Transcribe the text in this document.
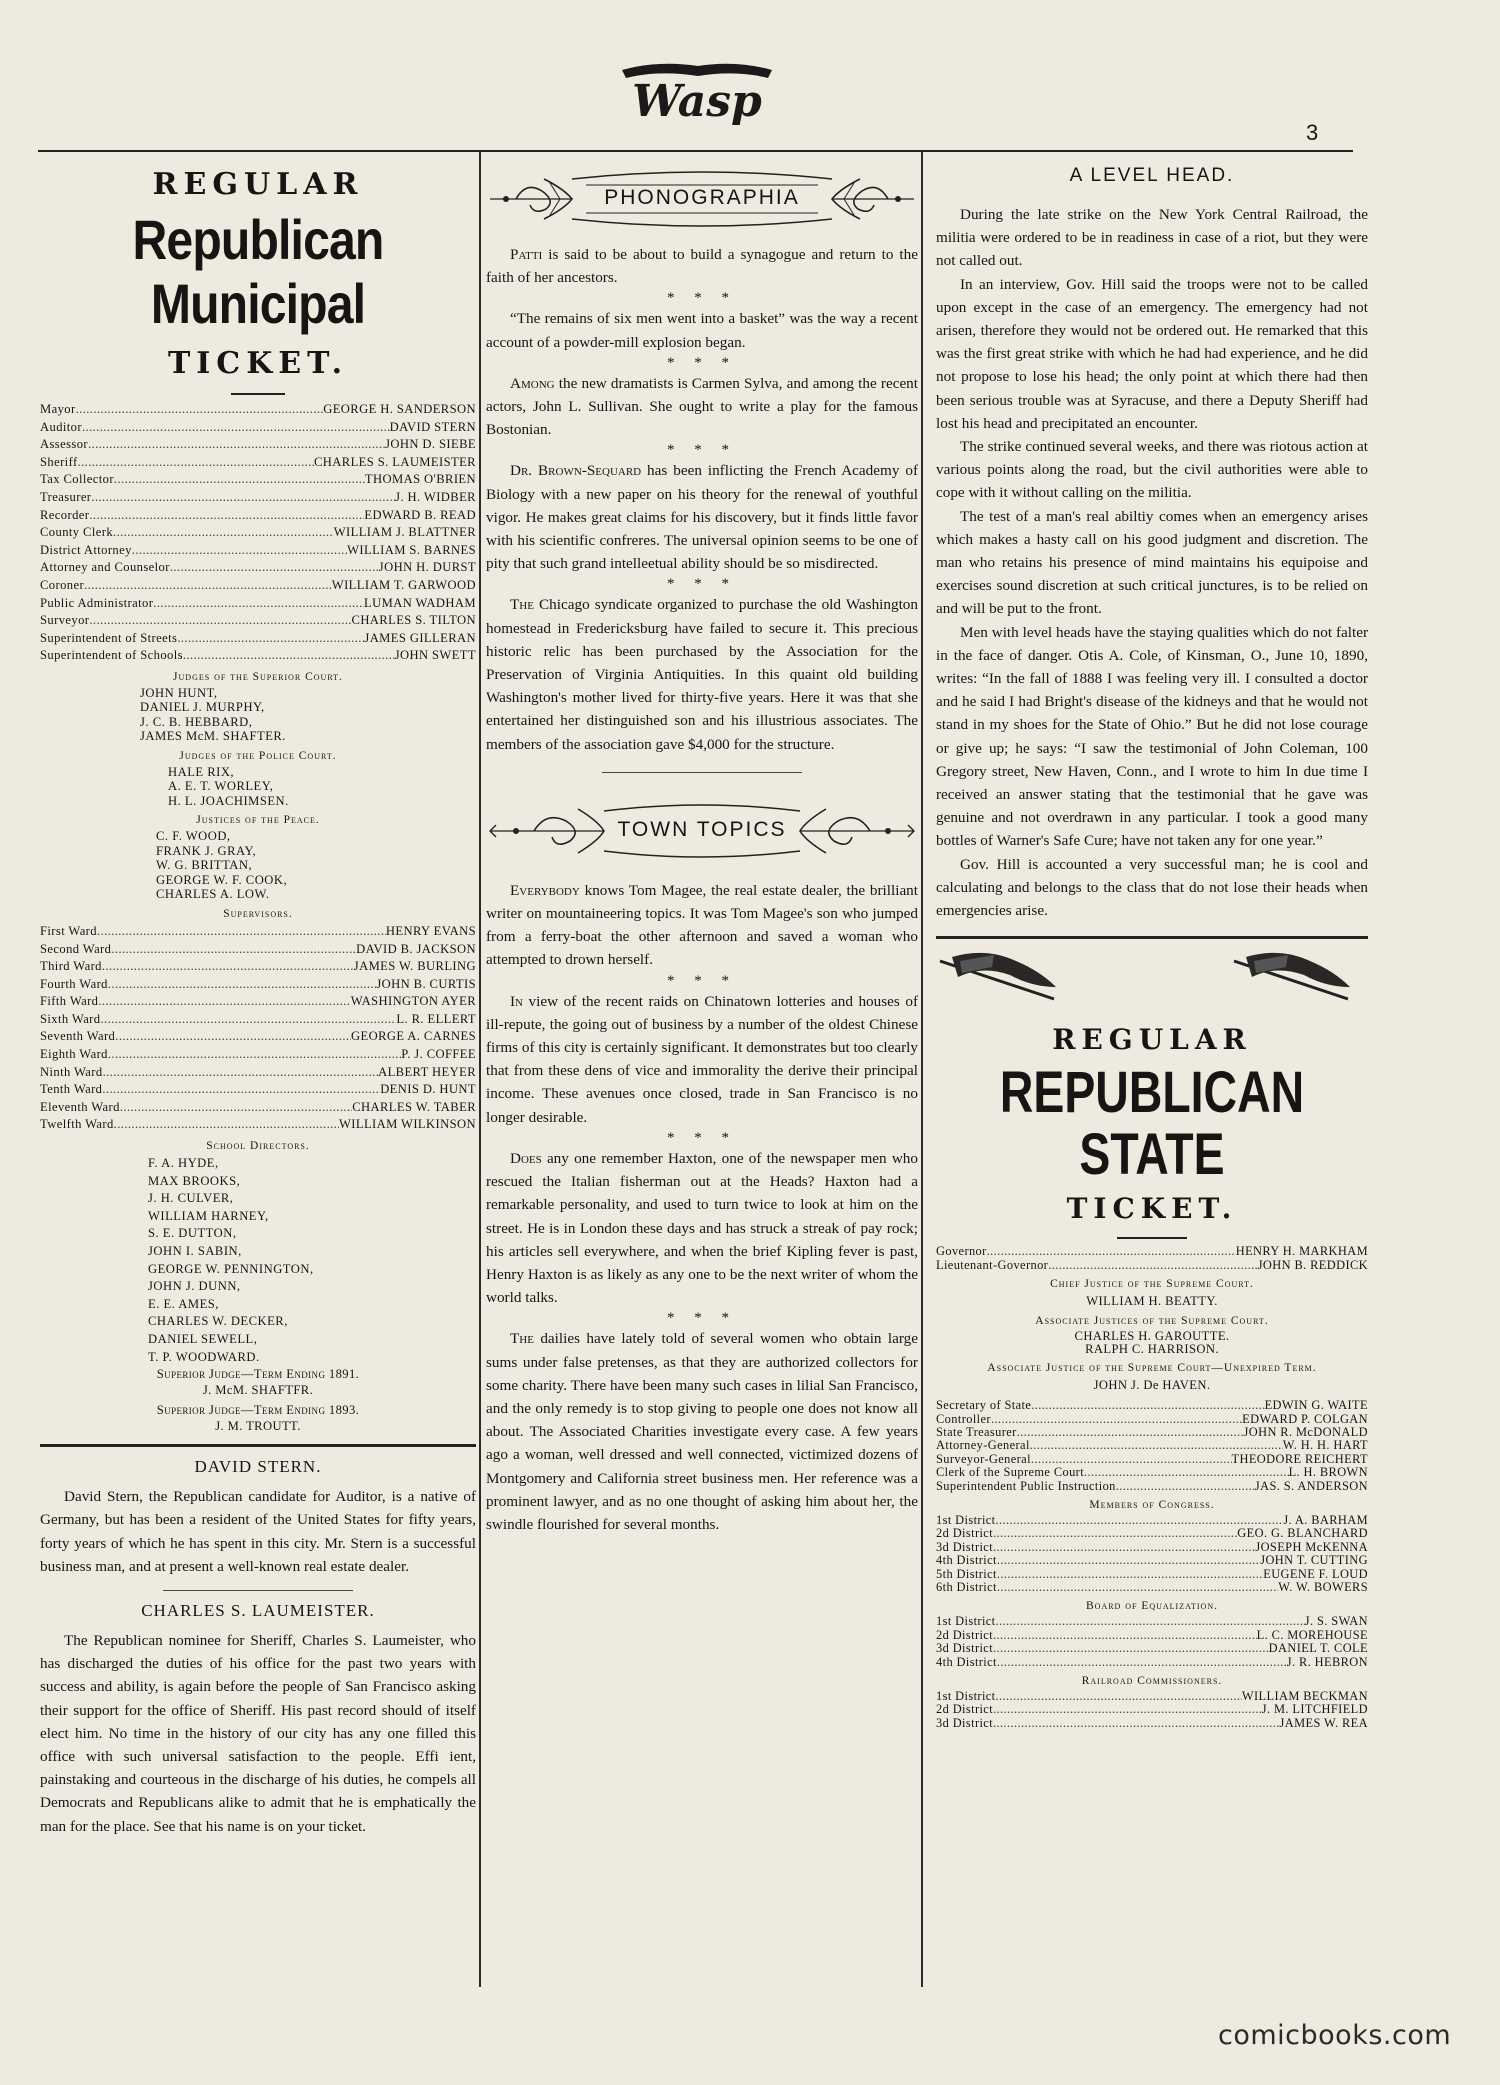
Wasp
3
REGULAR
Republican Municipal
TICKET.
Mayor .....	GEORGE H. SANDERSON
Auditor .....	DAVID STERN
Assessor .....	JOHN D. SIEBE
Sheriff .....	CHARLES S. LAUMEISTER
Tax Collector .....	THOMAS O'BRIEN
Treasurer .....	J. H. WIDBER
Recorder .....	EDWARD B. READ
County Clerk .....	WILLIAM J. BLATTNER
District Attorney .....	WILLIAM S. BARNES
Attorney and Counselor .....	JOHN H. DURST
Coroner .....	WILLIAM T. GARWOOD
Public Administrator .....	LUMAN WADHAM
Surveyor .....	CHARLES S. TILTON
Superintendent of Streets .....	JAMES GILLERAN
Superintendent of Schools .....	JOHN SWETT
Judges of the Superior Court.
JOHN HUNT,
DANIEL J. MURPHY,
J. C. B. HEBBARD,
JAMES McM. SHAFTER.
Judges of the Police Court.
HALE RIX,
A. E. T. WORLEY,
H. L. JOACHIMSEN.
Justices of the Peace.
C. F. WOOD,
FRANK J. GRAY,
W. G. BRITTAN,
GEORGE W. F. COOK,
CHARLES A. LOW.
Supervisors.
First Ward .....	HENRY EVANS
Second Ward .....	DAVID B. JACKSON
Third Ward .....	JAMES W. BURLING
Fourth Ward .....	JOHN B. CURTIS
Fifth Ward .....	WASHINGTON AYER
Sixth Ward .....	L. R. ELLERT
Seventh Ward .....	GEORGE A. CARNES
Eighth Ward .....	P. J. COFFEE
Ninth Ward .....	ALBERT HEYER
Tenth Ward .....	DENIS D. HUNT
Eleventh Ward .....	CHARLES W. TABER
Twelfth Ward .....	WILLIAM WILKINSON
School Directors.
F. A. HYDE,
MAX BROOKS,
J. H. CULVER,
WILLIAM HARNEY,
S. E. DUTTON,
JOHN I. SABIN,
GEORGE W. PENNINGTON,
JOHN J. DUNN,
E. E. AMES,
CHARLES W. DECKER,
DANIEL SEWELL,
T. P. WOODWARD.
Superior Judge—Term Ending 1891.
J. McM. SHAFTFR.
Superior Judge—Term Ending 1893.
J. M. TROUTT.
DAVID STERN.

David Stern, the Republican candidate for Auditor, is a native of Germany, but has been a resident of the United States for fifty years, forty years of which he has spent in this city. Mr. Stern is a successful business man, and at present a well-known real estate dealer.

CHARLES S. LAUMEISTER.

The Republican nominee for Sheriff, Charles S. Laumeister, who has discharged the duties of his office for the past two years with success and ability, is again before the people of San Francisco asking their support for the office of Sheriff. His past record should of itself elect him. No time in the history of our city has any one filled this office with such universal satisfaction to the people. Effi ient, painstaking and courteous in the discharge of his duties, he compels all Democrats and Republicans alike to admit that he is emphatically the man for the place. See that his name is on your ticket.

PHONOGRAPHIA

Patti is said to be about to build a synagogue and return to the faith of her ancestors.

* * *

“The remains of six men went into a basket” was the way a recent account of a powder-mill explosion began.

* * *

Among the new dramatists is Carmen Sylva, and among the recent actors, John L. Sullivan. She ought to write a play for the famous Bostonian.

* * *

Dr. Brown-Sequard has been inflicting the French Academy of Biology with a new paper on his theory for the renewal of youthful vigor. He makes great claims for his discovery, but it finds little favor with his scientific confreres. The universal opinion seems to be one of pity that such grand intelleetual ability should be so misdirected.

* * *

The Chicago syndicate organized to purchase the old Washington homestead in Fredericksburg have failed to secure it. This precious historic relic has been purchased by the Association for the Preservation of Virginia Antiquities. In this quaint old building Washington's mother lived for thirty-five years. Here it was that she entertained her distinguished son and his illustrious associates. The members of the association gave $4,000 for the structure.

TOWN TOPICS

Everybody knows Tom Magee, the real estate dealer, the brilliant writer on mountaineering topics. It was Tom Magee's son who jumped from a ferry-boat the other afternoon and saved a woman who attempted to drown herself.

* * *

In view of the recent raids on Chinatown lotteries and houses of ill-repute, the going out of business by a number of the oldest Chinese firms of this city is certainly significant. It demonstrates but too clearly that from these dens of vice and immorality the derive their principal income. These avenues once closed, trade in San Francisco is no longer desirable.

* * *

Does any one remember Haxton, one of the newspaper men who rescued the Italian fisherman out at the Heads? Haxton had a remarkable personality, and used to turn twice to look at him on the street. He is in London these days and has struck a streak of pay rock; his articles sell everywhere, and when the brief Kipling fever is past, Henry Haxton is as likely as any one to be the next writer of whom the world talks.

* * *

The dailies have lately told of several women who obtain large sums under false pretenses, as that they are authorized collectors for some charity. There have been many such cases in lilial San Francisco, and the only remedy is to stop giving to people one does not know all about. The Associated Charities investigate every case. A few years ago a woman, well dressed and well connected, victimized dozens of Montgomery and California street business men. Her reference was a prominent lawyer, and as no one thought of asking him about her, the swindle flourished for several months.

A LEVEL HEAD.

During the late strike on the New York Central Railroad, the militia were ordered to be in readiness in case of a riot, but they were not called out.

In an interview, Gov. Hill said the troops were not to be called upon except in the case of an emergency. The emergency had not arisen, therefore they would not be ordered out. He remarked that this was the first great strike with which he had had experience, and he did not propose to lose his head; the only point at which there had then been serious trouble was at Syracuse, and there a Deputy Sheriff had lost his head and precipitated an encounter.

The strike continued several weeks, and there was riotous action at various points along the road, but the civil authorities were able to cope with it without calling on the militia.

The test of a man's real abiltiy comes when an emergency arises which makes a hasty call on his good judgment and discretion. The man who retains his presence of mind maintains his equipoise and exercises sound discretion at such critical junctures, is to be relied on and will be put to the front.

Men with level heads have the staying qualities which do not falter in the face of danger. Otis A. Cole, of Kinsman, O., June 10, 1890, writes: “In the fall of 1888 I was feeling very ill. I consulted a doctor and he said I had Bright's disease of the kidneys and that he would not stand in my shoes for the State of Ohio.” But he did not lose courage or give up; he says: “I saw the testimonial of John Coleman, 100 Gregory street, New Haven, Conn., and I wrote to him In due time I received an answer stating that the testimonial that he gave was genuine and not overdrawn in any particular. I took a good many bottles of Warner's Safe Cure; have not taken any for one year.”

Gov. Hill is accounted a very successful man; he is cool and calculating and belongs to the class that do not lose their heads when emergencies arise.

REGULAR
REPUBLICAN STATE
TICKET.
Governor .....	HENRY H. MARKHAM
Lieutenant-Governor .....	JOHN B. REDDICK
Chief Justice of the Supreme Court.
WILLIAM H. BEATTY.
Associate Justices of the Supreme Court.
CHARLES H. GAROUTTE.
RALPH C. HARRISON.
Associate Justice of the Supreme Court—Unexpired Term.
JOHN J. De HAVEN.
Secretary of State .....	EDWIN G. WAITE
Controller .....	EDWARD P. COLGAN
State Treasurer .....	JOHN R. McDONALD
Attorney-General .....	W. H. H. HART
Surveyor-General .....	THEODORE REICHERT
Clerk of the Supreme Court .....	L. H. BROWN
Superintendent Public Instruction .....	JAS. S. ANDERSON
Members of Congress.
1st District .....	J. A. BARHAM
2d District .....	GEO. G. BLANCHARD
3d District .....	JOSEPH McKENNA
4th District .....	JOHN T. CUTTING
5th District .....	EUGENE F. LOUD
6th District .....	W. W. BOWERS
Board of Equalization.
1st District .....	J. S. SWAN
2d District .....	L. C. MOREHOUSE
3d District .....	DANIEL T. COLE
4th District .....	J. R. HEBRON
Railroad Commissioners.
1st District .....	WILLIAM BECKMAN
2d District .....	J. M. LITCHFIELD
3d District .....	JAMES W. REA
comicbooks.com
